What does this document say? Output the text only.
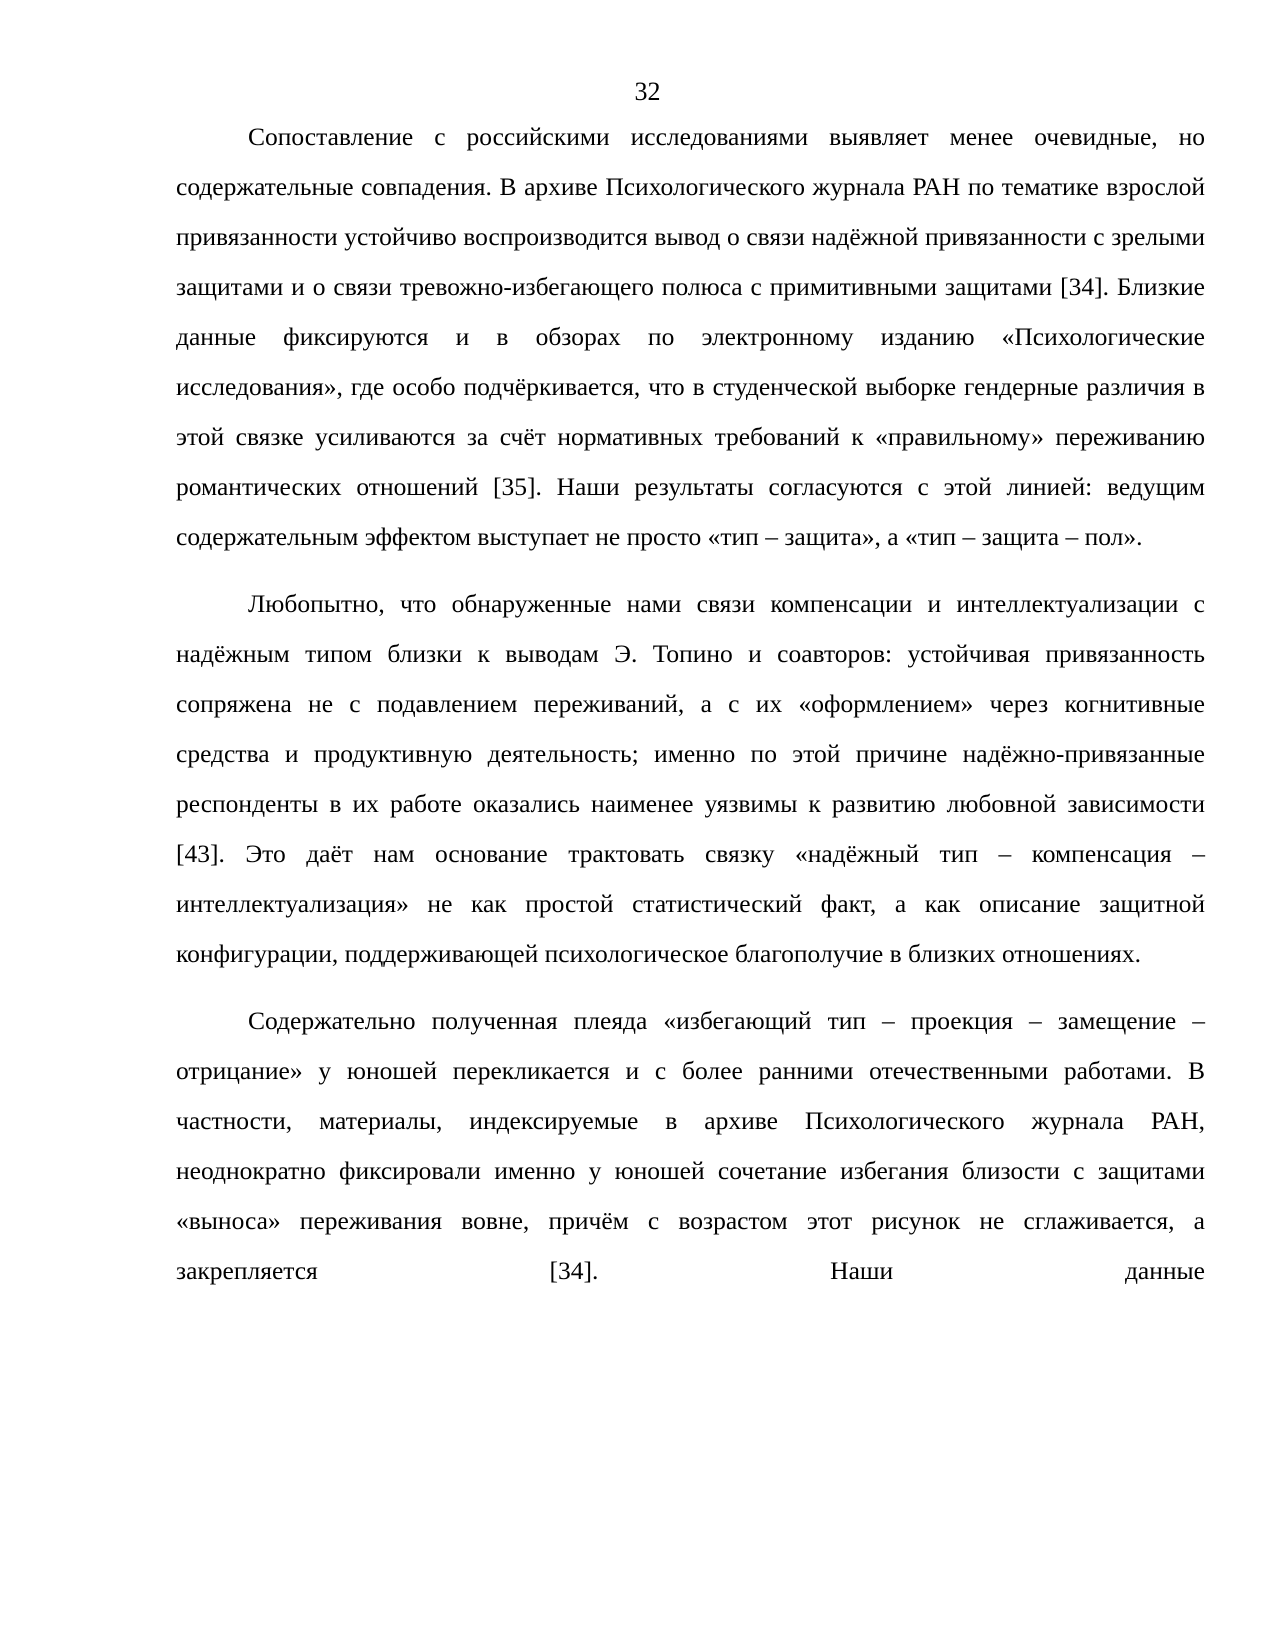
32

Сопоставление с российскими исследованиями выявляет менее очевидные, но содержательные совпадения. В архиве Психологического журнала РАН по тематике взрослой привязанности устойчиво воспроизводится вывод о связи надёжной привязанности с зрелыми защитами и о связи тревожно-избегающего полюса с примитивными защитами [34]. Близкие данные фиксируются и в обзорах по электронному изданию «Психологические исследования», где особо подчёркивается, что в студенческой выборке гендерные различия в этой связке усиливаются за счёт нормативных требований к «правильному» переживанию романтических отношений [35]. Наши результаты согласуются с этой линией: ведущим содержательным эффектом выступает не просто «тип – защита», а «тип – защита – пол».

Любопытно, что обнаруженные нами связи компенсации и интеллектуализации с надёжным типом близки к выводам Э. Топино и соавторов: устойчивая привязанность сопряжена не с подавлением переживаний, а с их «оформлением» через когнитивные средства и продуктивную деятельность; именно по этой причине надёжно-привязанные респонденты в их работе оказались наименее уязвимы к развитию любовной зависимости [43]. Это даёт нам основание трактовать связку «надёжный тип – компенсация – интеллектуализация» не как простой статистический факт, а как описание защитной конфигурации, поддерживающей психологическое благополучие в близких отношениях.

Содержательно полученная плеяда «избегающий тип – проекция – замещение – отрицание» у юношей перекликается и с более ранними отечественными работами. В частности, материалы, индексируемые в архиве Психологического журнала РАН, неоднократно фиксировали именно у юношей сочетание избегания близости с защитами «выноса» переживания вовне, причём с возрастом этот рисунок не сглаживается, а закрепляется [34]. Наши данные
